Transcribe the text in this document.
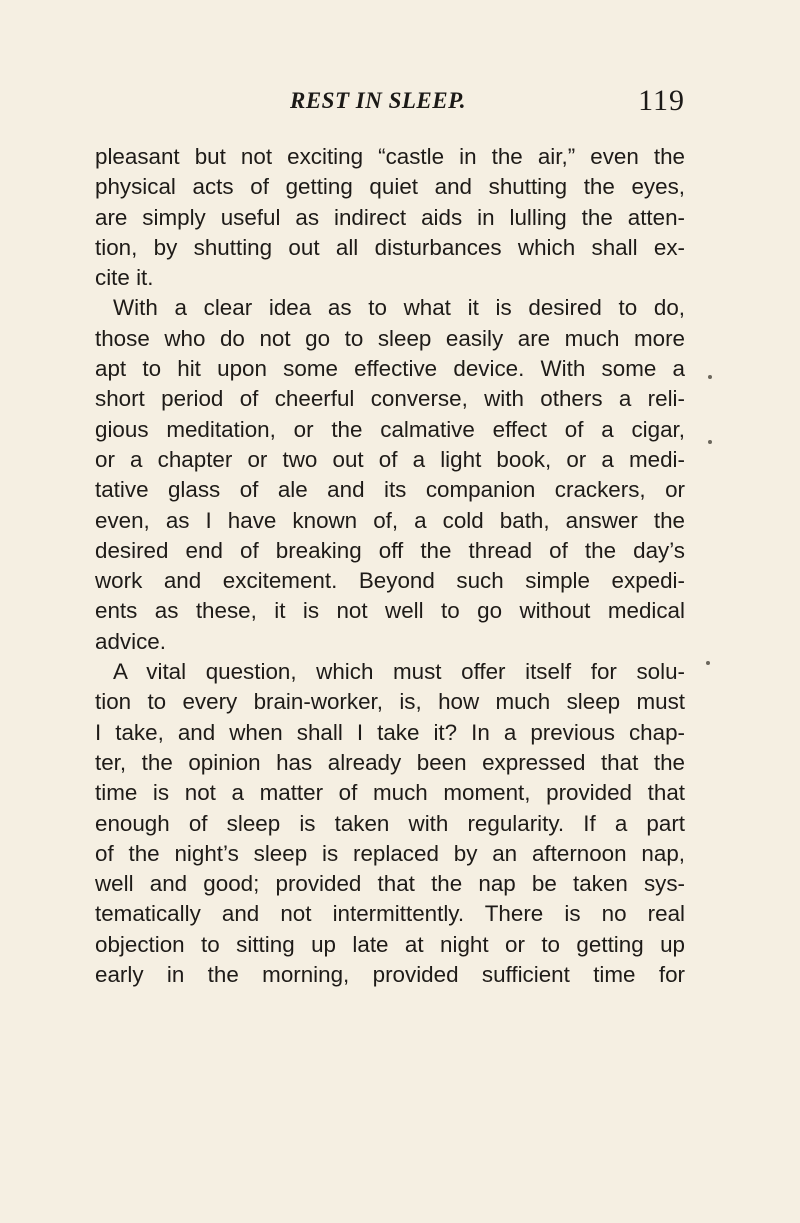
REST IN SLEEP.	119
pleasant but not exciting “castle in the air,” even the
physical acts of getting quiet and shutting the eyes,
are simply useful as indirect aids in lulling the atten-
tion, by shutting out all disturbances which shall ex-
cite it.
With a clear idea as to what it is desired to do,
those who do not go to sleep easily are much more
apt to hit upon some effective device. With some a
short period of cheerful converse, with others a reli-
gious meditation, or the calmative effect of a cigar,
or a chapter or two out of a light book, or a medi-
tative glass of ale and its companion crackers, or
even, as I have known of, a cold bath, answer the
desired end of breaking off the thread of the day’s
work and excitement. Beyond such simple expedi-
ents as these, it is not well to go without medical
advice.
A vital question, which must offer itself for solu-
tion to every brain-worker, is, how much sleep must
I take, and when shall I take it? In a previous chap-
ter, the opinion has already been expressed that the
time is not a matter of much moment, provided that
enough of sleep is taken with regularity. If a part
of the night’s sleep is replaced by an afternoon nap,
well and good; provided that the nap be taken sys-
tematically and not intermittently. There is no real
objection to sitting up late at night or to getting up
early in the morning, provided sufficient time for
